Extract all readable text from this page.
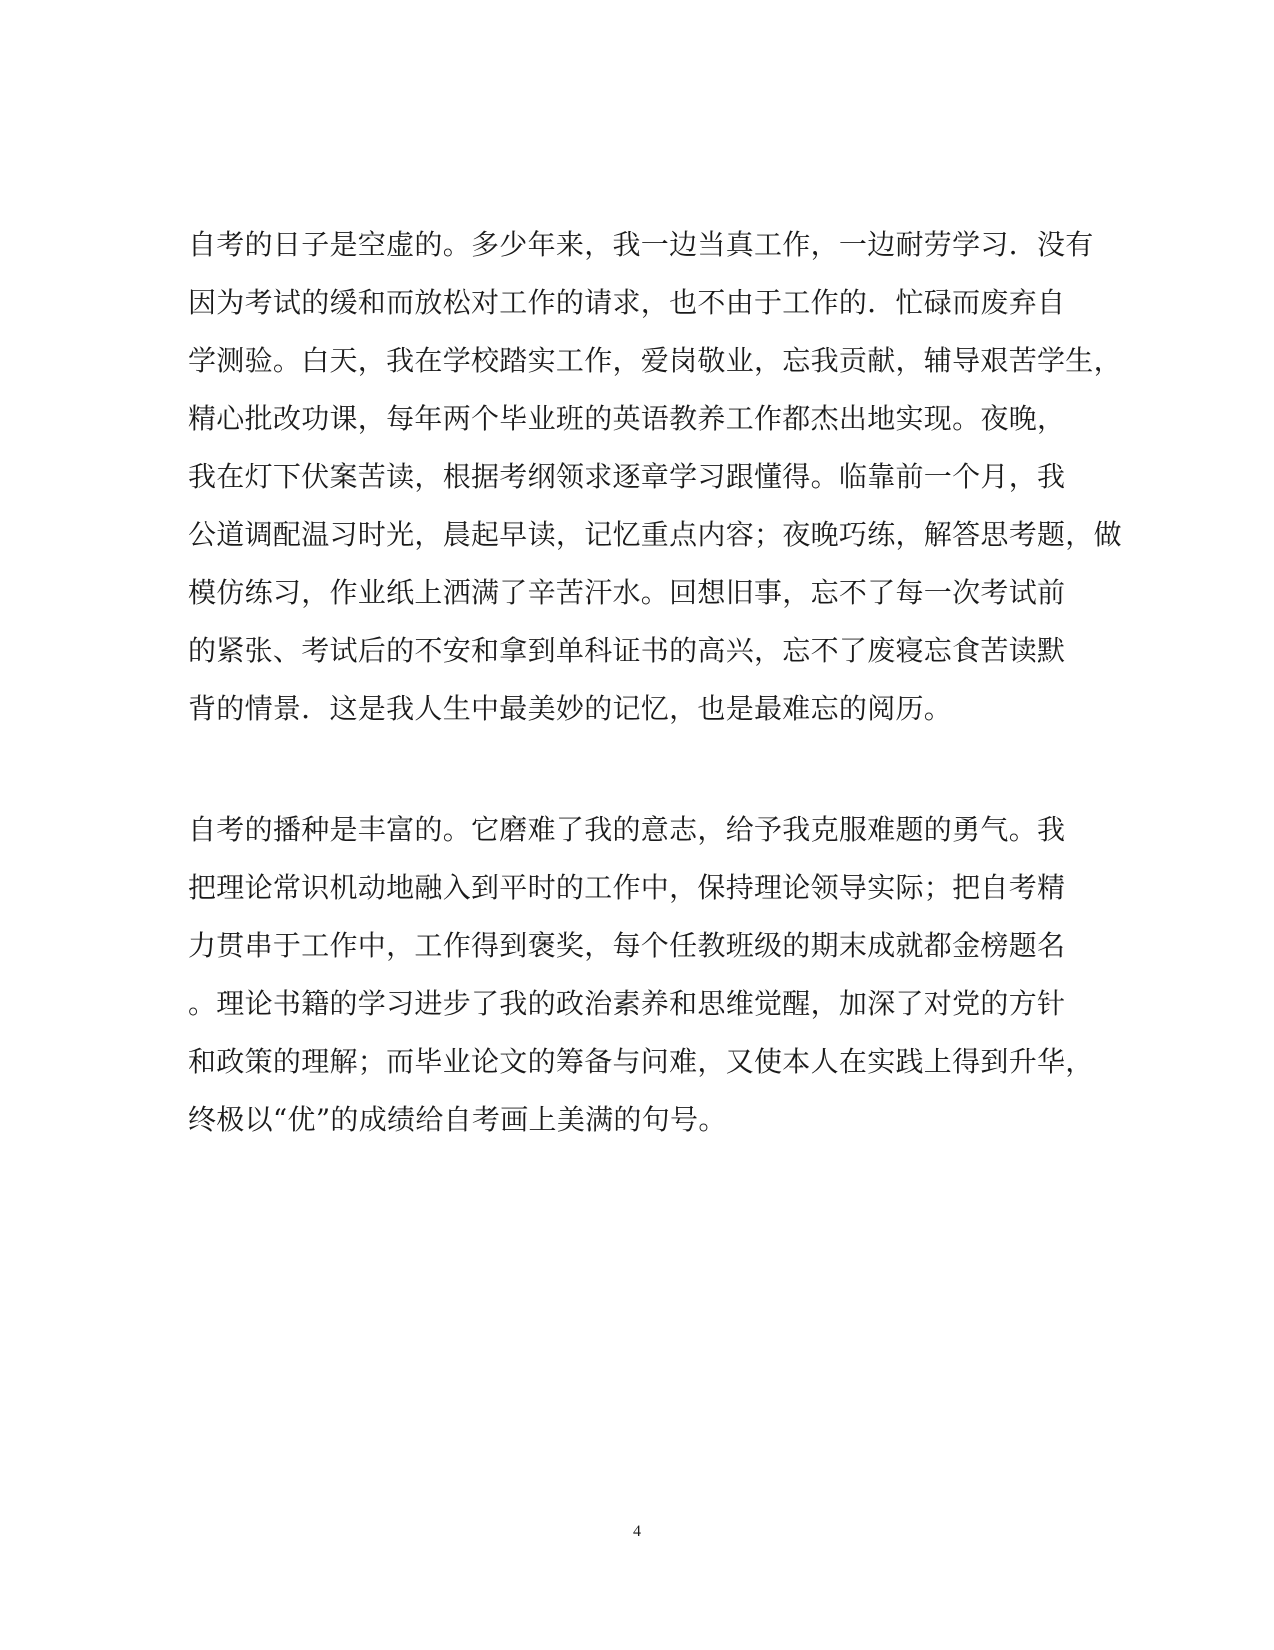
自考的日子是空虚的。多少年来，我一边当真工作，一边耐劳学习．没有
因为考试的缓和而放松对工作的请求，也不由于工作的．忙碌而废弃自
学测验。白天，我在学校踏实工作，爱岗敬业，忘我贡献，辅导艰苦学生，
精心批改功课，每年两个毕业班的英语教养工作都杰出地实现。夜晚，
我在灯下伏案苦读，根据考纲领求逐章学习跟懂得。临靠前一个月，我
公道调配温习时光，晨起早读，记忆重点内容；夜晚巧练，解答思考题，做
模仿练习，作业纸上洒满了辛苦汗水。回想旧事，忘不了每一次考试前
的紧张、考试后的不安和拿到单科证书的高兴，忘不了废寝忘食苦读默
背的情景．这是我人生中最美妙的记忆，也是最难忘的阅历。
自考的播种是丰富的。它磨难了我的意志，给予我克服难题的勇气。我
把理论常识机动地融入到平时的工作中，保持理论领导实际；把自考精
力贯串于工作中，工作得到褒奖，每个任教班级的期末成就都金榜题名
。理论书籍的学习进步了我的政治素养和思维觉醒，加深了对党的方针
和政策的理解；而毕业论文的筹备与问难，又使本人在实践上得到升华，
终极以“优”的成绩给自考画上美满的句号。
4
